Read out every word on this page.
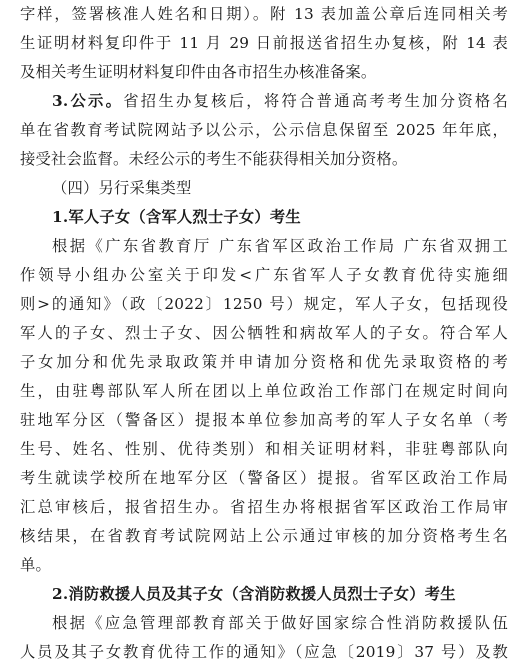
字样，签署核准人姓名和日期）。附 13 表加盖公章后连同相关考
生证明材料复印件于 11 月 29 日前报送省招生办复核，附 14 表
及相关考生证明材料复印件由各市招生办核准备案。
3.公示。省招生办复核后，将符合普通高考考生加分资格名
单在省教育考试院网站予以公示，公示信息保留至 2025 年年底，
接受社会监督。未经公示的考生不能获得相关加分资格。
（四）另行采集类型
1.军人子女（含军人烈士子女）考生
根据《广东省教育厅 广东省军区政治工作局 广东省双拥工
作领导小组办公室关于印发<广东省军人子女教育优待实施细
则>的通知》（政〔2022〕1250 号）规定，军人子女，包括现役
军人的子女、烈士子女、因公牺牲和病故军人的子女。符合军人
子女加分和优先录取政策并申请加分资格和优先录取资格的考
生，由驻粤部队军人所在团以上单位政治工作部门在规定时间向
驻地军分区（警备区）提报本单位参加高考的军人子女名单（考
生号、姓名、性别、优待类别）和相关证明材料，非驻粤部队向
考生就读学校所在地军分区（警备区）提报。省军区政治工作局
汇总审核后，报省招生办。省招生办将根据省军区政治工作局审
核结果，在省教育考试院网站上公示通过审核的加分资格考生名
单。
2.消防救援人员及其子女（含消防救援人员烈士子女）考生
根据《应急管理部教育部关于做好国家综合性消防救援队伍
人员及其子女教育优待工作的通知》（应急〔2019〕37 号）及教
